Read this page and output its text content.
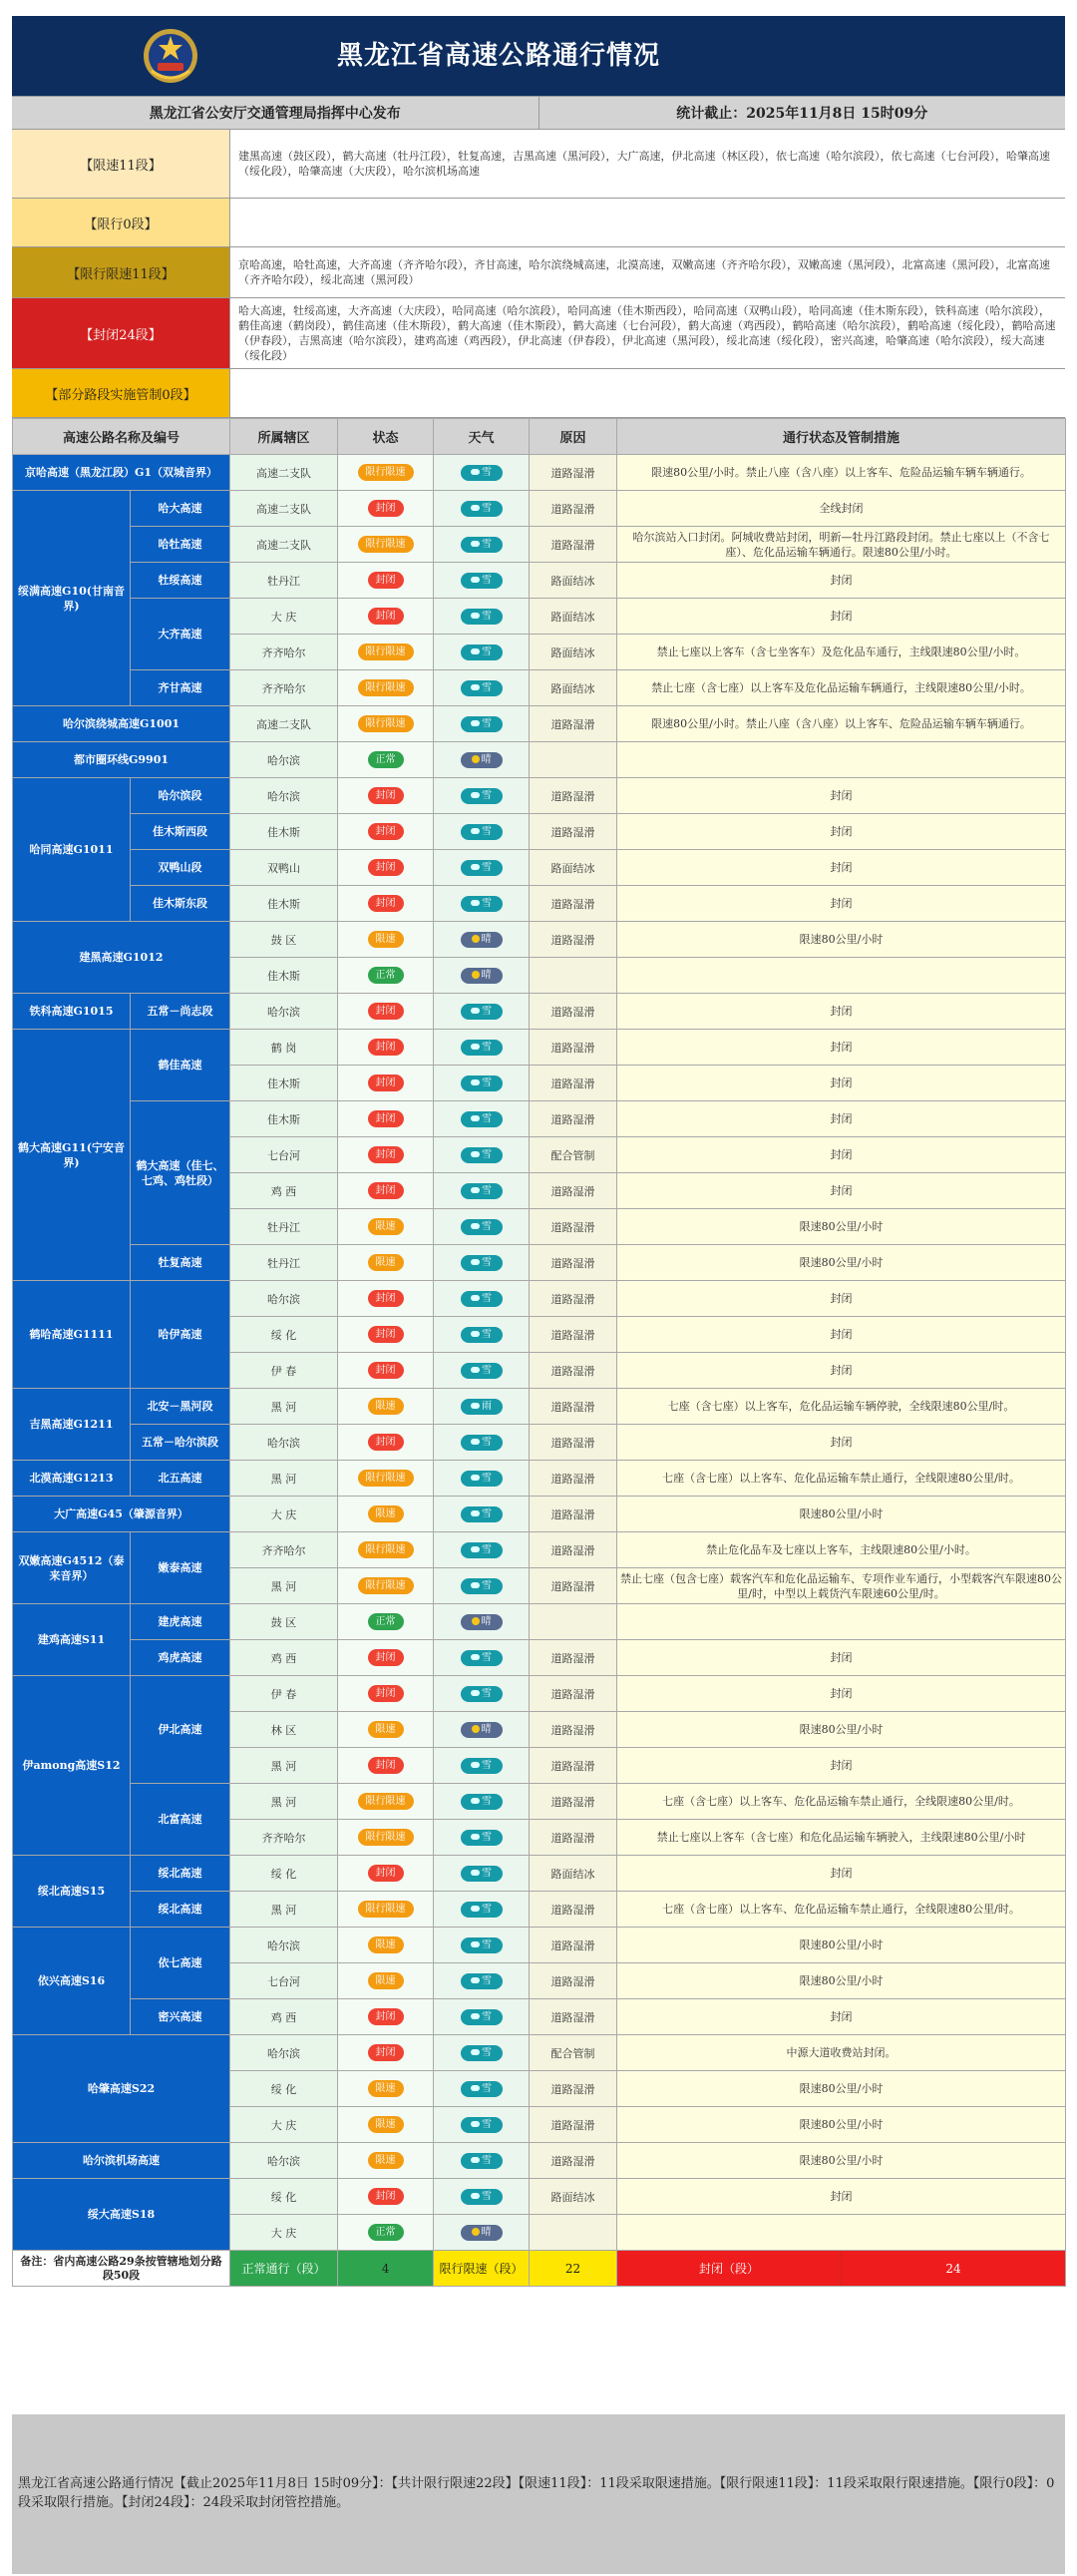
黑龙江省高速公路通行情况
黑龙江省公安厅交通管理局指挥中心发布	统计截止：2025年11月8日 15时09分
【限速11段】
建黑高速（鼓区段），鹤大高速（牡丹江段），牡复高速，吉黑高速（黑河段），大广高速，伊北高速（林区段），依七高速（哈尔滨段），依七高速（七台河段），哈肇高速（绥化段），哈肇高速（大庆段），哈尔滨机场高速
【限行0段】
【限行限速11段】
京哈高速，哈牡高速，大齐高速（齐齐哈尔段），齐甘高速，哈尔滨绕城高速，北漠高速，双嫩高速（齐齐哈尔段），双嫩高速（黑河段），北富高速（黑河段），北富高速（齐齐哈尔段），绥北高速（黑河段）
【封闭24段】
哈大高速，牡绥高速，大齐高速（大庆段），哈同高速（哈尔滨段），哈同高速（佳木斯西段），哈同高速（双鸭山段），哈同高速（佳木斯东段），铁科高速（哈尔滨段），鹤佳高速（鹤岗段），鹤佳高速（佳木斯段），鹤大高速（佳木斯段），鹤大高速（七台河段），鹤大高速（鸡西段），鹤哈高速（哈尔滨段），鹤哈高速（绥化段），鹤哈高速（伊春段），吉黑高速（哈尔滨段），建鸡高速（鸡西段），伊北高速（伊春段），伊北高速（黑河段），绥北高速（绥化段），密兴高速，哈肇高速（哈尔滨段），绥大高速（绥化段）
【部分路段实施管制0段】
高速公路名称及编号		所属辖区	状态	天气	原因	通行状态及管制措施
京哈高速（黑龙江段）G1（双城音界）		高速二支队	限行限速	雪	道路湿滑	限速80公里/小时。禁止八座（含八座）以上客车、危险品运输车辆车辆通行。
绥满高速G10(甘南音界)	哈大高速	高速二支队	封闭	雪	道路湿滑	全线封闭
	哈牡高速	高速二支队	限行限速	雪	道路湿滑	哈尔滨站入口封闭。阿城收费站封闭，明新—牡丹江路段封闭。禁止七座以上（不含七座）、危化品运输车辆通行。限速80公里/小时。
	牡绥高速	牡丹江	封闭	雪	路面结冰	封闭
	大齐高速	大 庆	封闭	雪	路面结冰	封闭
		齐齐哈尔	限行限速	雪	路面结冰	禁止七座以上客车（含七坐客车）及危化品车通行，主线限速80公里/小时。
	齐甘高速	齐齐哈尔	限行限速	雪	路面结冰	禁止七座（含七座）以上客车及危化品运输车辆通行，主线限速80公里/小时。
哈尔滨绕城高速G1001		高速二支队	限行限速	雪	道路湿滑	限速80公里/小时。禁止八座（含八座）以上客车、危险品运输车辆车辆通行。
都市圈环线G9901		哈尔滨	正常	晴		
哈同高速G1011	哈尔滨段	哈尔滨	封闭	雪	道路湿滑	封闭
	佳木斯西段	佳木斯	封闭	雪	道路湿滑	封闭
	双鸭山段	双鸭山	封闭	雪	路面结冰	封闭
	佳木斯东段	佳木斯	封闭	雪	道路湿滑	封闭
建黑高速G1012		鼓 区	限速	晴	道路湿滑	限速80公里/小时
		佳木斯	正常	晴		
铁科高速G1015	五常－尚志段	哈尔滨	封闭	雪	道路湿滑	封闭
鹤大高速G11(宁安音界)	鹤佳高速	鹤 岗	封闭	雪	道路湿滑	封闭
		佳木斯	封闭	雪	道路湿滑	封闭
	鹤大高速（佳七、七鸡、鸡牡段）	佳木斯	封闭	雪	道路湿滑	封闭
		七台河	封闭	雪	配合管制	封闭
		鸡 西	封闭	雪	道路湿滑	封闭
		牡丹江	限速	雪	道路湿滑	限速80公里/小时
	牡复高速	牡丹江	限速	雪	道路湿滑	限速80公里/小时
鹤哈高速G1111	哈伊高速	哈尔滨	封闭	雪	道路湿滑	封闭
		绥 化	封闭	雪	道路湿滑	封闭
		伊 春	封闭	雪	道路湿滑	封闭
吉黑高速G1211	北安－黑河段	黑 河	限速	雨	道路湿滑	七座（含七座）以上客车，危化品运输车辆停驶，全线限速80公里/时。
	五常－哈尔滨段	哈尔滨	封闭	雪	道路湿滑	封闭
北漠高速G1213	北五高速	黑 河	限行限速	雪	道路湿滑	七座（含七座）以上客车、危化品运输车禁止通行，全线限速80公里/时。
大广高速G45（肇源音界）		大 庆	限速	雪	道路湿滑	限速80公里/小时
双嫩高速G4512（泰来音界）	嫩泰高速	齐齐哈尔	限行限速	雪	道路湿滑	禁止危化品车及七座以上客车，主线限速80公里/小时。
		黑 河	限行限速	雪	道路湿滑	禁止七座（包含七座）载客汽车和危化品运输车、专项作业车通行，小型载客汽车限速80公里/时，中型以上载货汽车限速60公里/时。
建鸡高速S11	建虎高速	鼓 区	正常	晴		
	鸡虎高速	鸡 西	封闭	雪	道路湿滑	封闭
伊among高速S12	伊北高速	伊 春	封闭	雪	道路湿滑	封闭
		林 区	限速	晴	道路湿滑	限速80公里/小时
		黑 河	封闭	雪	道路湿滑	封闭
	北富高速	黑 河	限行限速	雪	道路湿滑	七座（含七座）以上客车、危化品运输车禁止通行，全线限速80公里/时。
		齐齐哈尔	限行限速	雪	道路湿滑	禁止七座以上客车（含七座）和危化品运输车辆驶入，主线限速80公里/小时
绥北高速S15	绥北高速	绥 化	封闭	雪	路面结冰	封闭
	绥北高速	黑 河	限行限速	雪	道路湿滑	七座（含七座）以上客车、危化品运输车禁止通行，全线限速80公里/时。
依兴高速S16	依七高速	哈尔滨	限速	雪	道路湿滑	限速80公里/小时
		七台河	限速	雪	道路湿滑	限速80公里/小时
	密兴高速	鸡 西	封闭	雪	道路湿滑	封闭
哈肇高速S22		哈尔滨	封闭	雪	配合管制	中源大道收费站封闭。
		绥 化	限速	雪	道路湿滑	限速80公里/小时
		大 庆	限速	雪	道路湿滑	限速80公里/小时
哈尔滨机场高速		哈尔滨	限速	雪	道路湿滑	限速80公里/小时
绥大高速S18		绥 化	封闭	雪	路面结冰	封闭
		大 庆	正常	晴		
备注：省内高速公路29条按管辖地划分路段50段		正常通行（段）	4	限行限速（段）	22	封闭（段） 24
黑龙江省高速公路通行情况【截止2025年11月8日 15时09分】：【共计限行限速22段】【限速11段】：11段采取限速措施。【限行限速11段】：11段采取限行限速措施。【限行0段】：0段采取限行措施。【封闭24段】：24段采取封闭管控措施。
